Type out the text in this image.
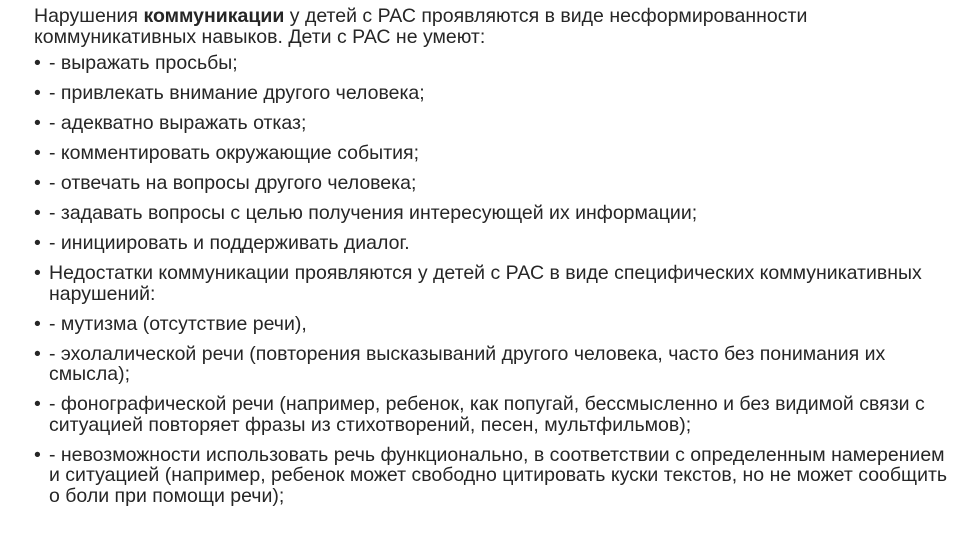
Нарушения коммуникации у детей с РАС проявляются в виде несформированности коммуникативных навыков. Дети с РАС не умеют:

• - выражать просьбы;
• - привлекать внимание другого человека;
• - адекватно выражать отказ;
• - комментировать окружающие события;
• - отвечать на вопросы другого человека;
• - задавать вопросы с целью получения интересующей их информации;
• - инициировать и поддерживать диалог.
• Недостатки коммуникации проявляются у детей с РАС в виде специфических коммуникативных нарушений:
• - мутизма (отсутствие речи),
• - эхолалической речи (повторения высказываний другого человека, часто без понимания их смысла);
• - фонографической речи (например, ребенок, как попугай, бессмысленно и без видимой связи с ситуацией повторяет фразы из стихотворений, песен, мультфильмов);
• - невозможности использовать речь функционально, в соответствии с определенным намерением и ситуацией (например, ребенок может свободно цитировать куски текстов, но не может сообщить о боли при помощи речи);
